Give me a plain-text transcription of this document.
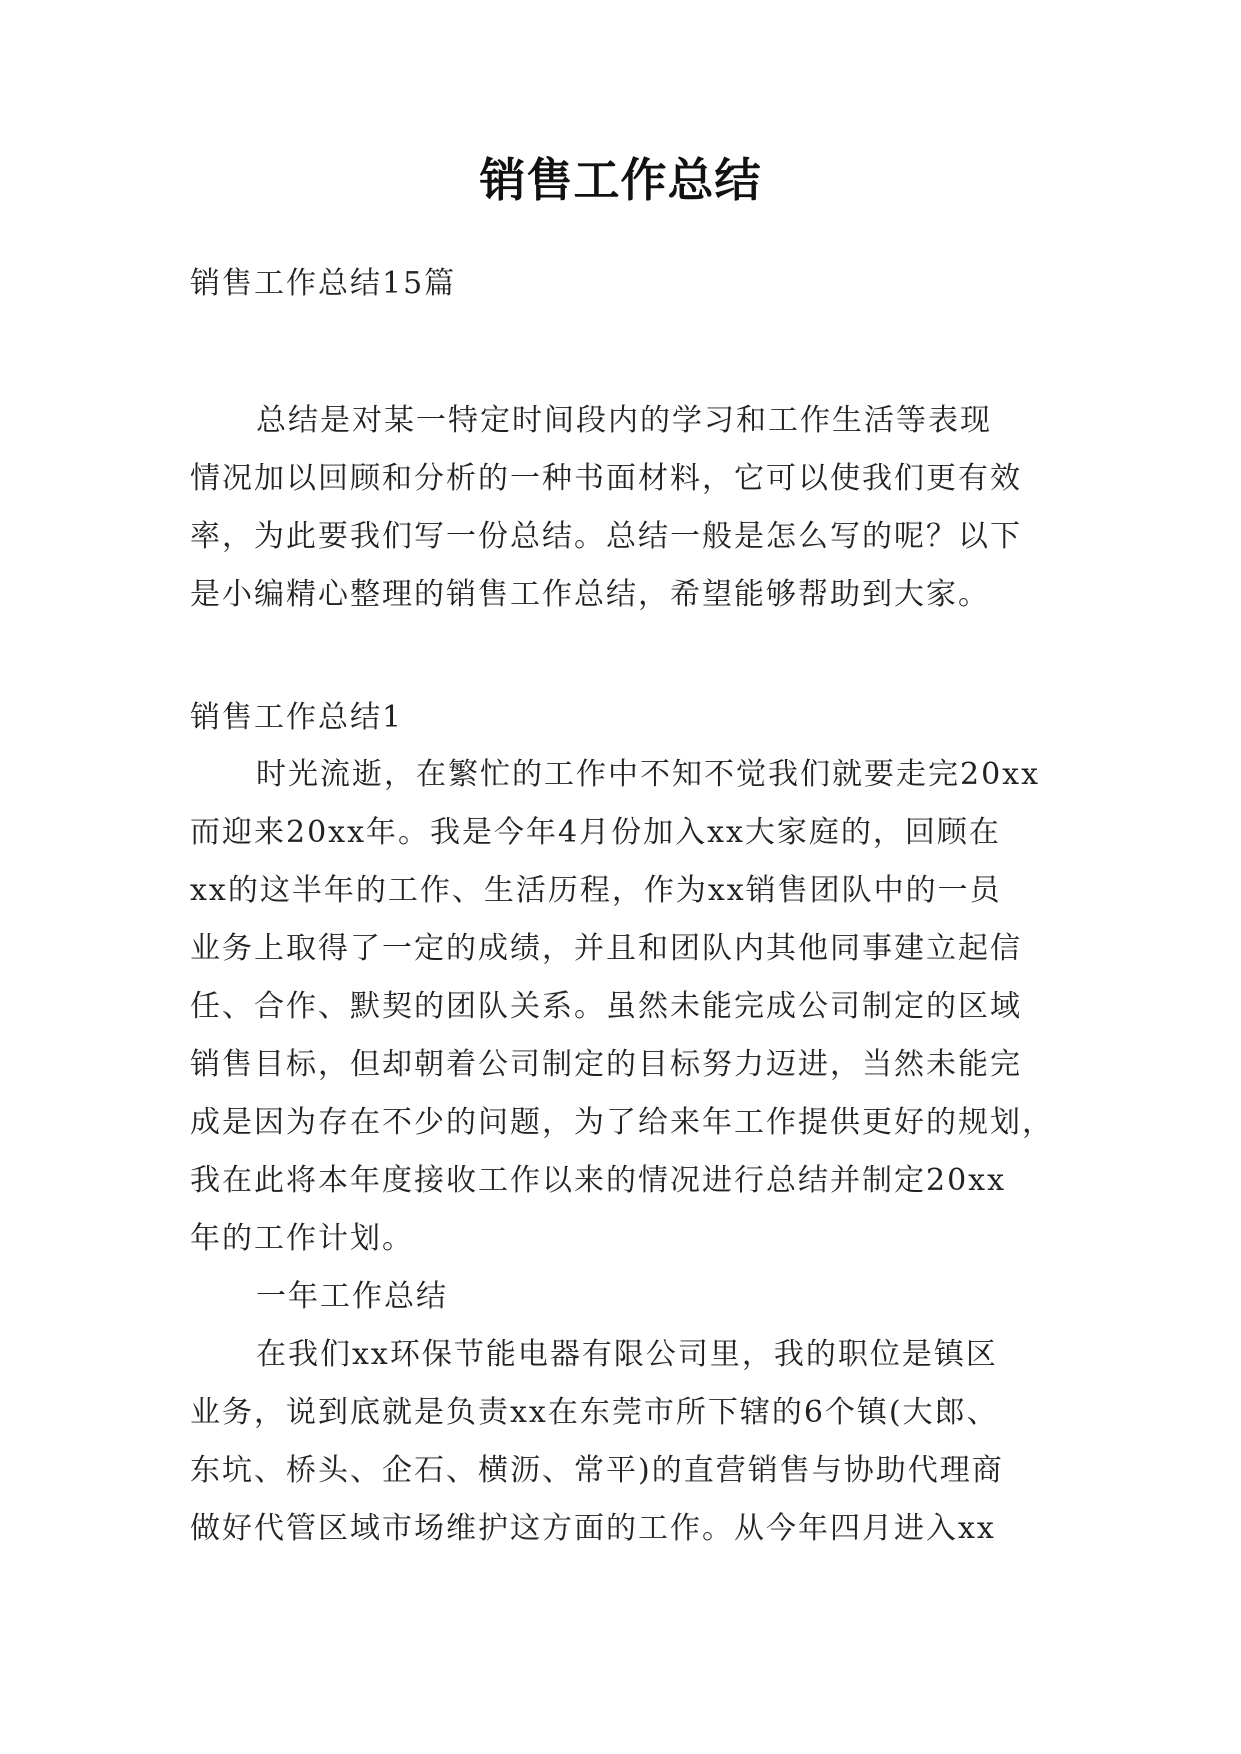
销售工作总结
销售工作总结15篇
总结是对某一特定时间段内的学习和工作生活等表现
情况加以回顾和分析的一种书面材料，它可以使我们更有效
率，为此要我们写一份总结。总结一般是怎么写的呢？以下
是小编精心整理的销售工作总结，希望能够帮助到大家。
销售工作总结1
时光流逝，在繁忙的工作中不知不觉我们就要走完20xx
而迎来20xx年。我是今年4月份加入xx大家庭的，回顾在
xx的这半年的工作、生活历程，作为xx销售团队中的一员
业务上取得了一定的成绩，并且和团队内其他同事建立起信
任、合作、默契的团队关系。虽然未能完成公司制定的区域
销售目标，但却朝着公司制定的目标努力迈进，当然未能完
成是因为存在不少的问题，为了给来年工作提供更好的规划，
我在此将本年度接收工作以来的情况进行总结并制定20xx
年的工作计划。
一年工作总结
在我们xx环保节能电器有限公司里，我的职位是镇区
业务，说到底就是负责xx在东莞市所下辖的6个镇(大郎、
东坑、桥头、企石、横沥、常平)的直营销售与协助代理商
做好代管区域市场维护这方面的工作。从今年四月进入xx
